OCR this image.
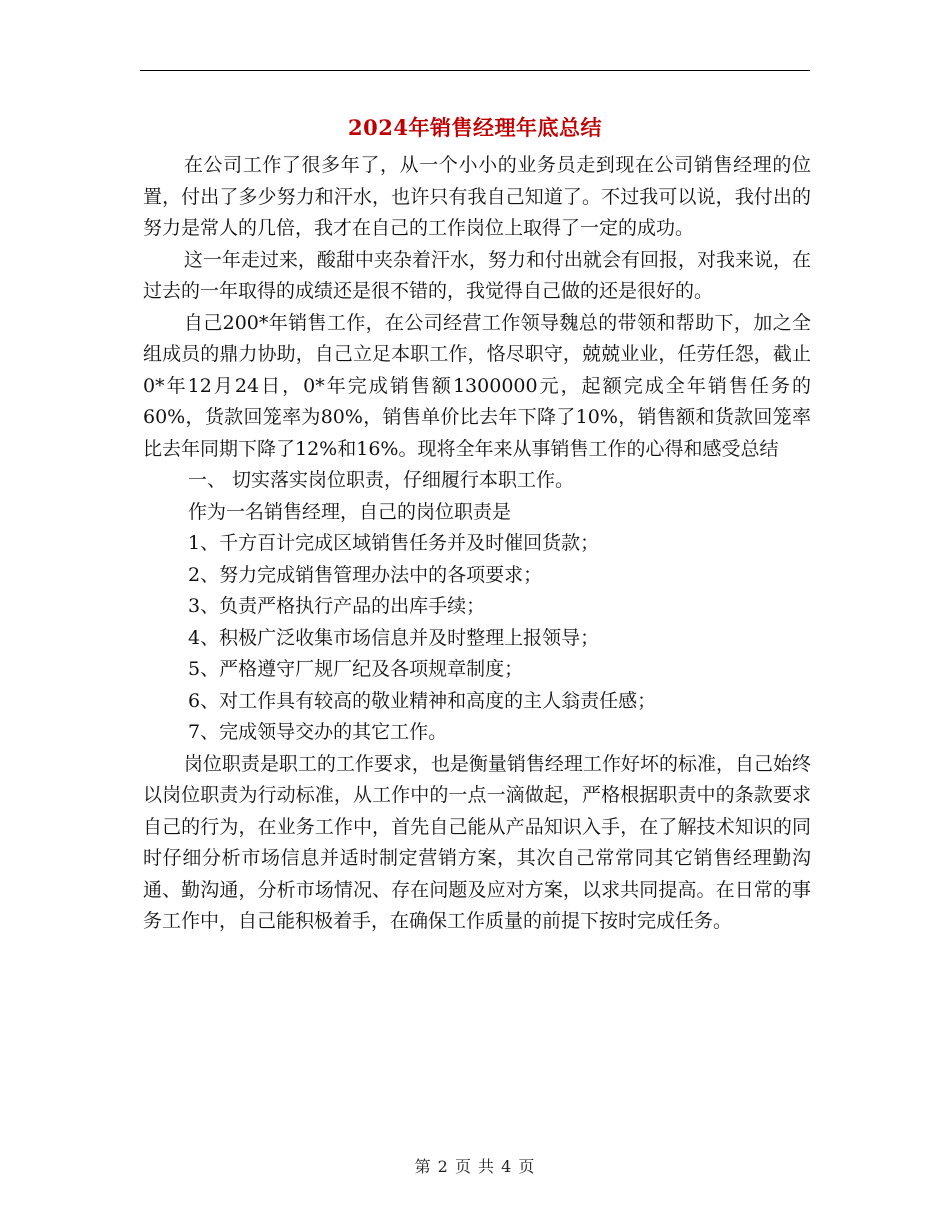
2024年销售经理年底总结

在公司工作了很多年了，从一个小小的业务员走到现在公司销售经理的位置，付出了多少努力和汗水，也许只有我自己知道了。不过我可以说，我付出的努力是常人的几倍，我才在自己的工作岗位上取得了一定的成功。

这一年走过来，酸甜中夹杂着汗水，努力和付出就会有回报，对我来说，在过去的一年取得的成绩还是很不错的，我觉得自己做的还是很好的。

自己200*年销售工作，在公司经营工作领导魏总的带领和帮助下，加之全组成员的鼎力协助，自己立足本职工作，恪尽职守，兢兢业业，任劳任怨，截止0*年12月24日，0*年完成销售额1300000元，起额完成全年销售任务的60%，货款回笼率为80%，销售单价比去年下降了10%，销售额和货款回笼率比去年同期下降了12%和16%。现将全年来从事销售工作的心得和感受总结

一、 切实落实岗位职责，仔细履行本职工作。

作为一名销售经理，自己的岗位职责是

1、千方百计完成区域销售任务并及时催回货款；

2、努力完成销售管理办法中的各项要求；

3、负责严格执行产品的出库手续；

4、积极广泛收集市场信息并及时整理上报领导；

5、严格遵守厂规厂纪及各项规章制度；

6、对工作具有较高的敬业精神和高度的主人翁责任感；

7、完成领导交办的其它工作。

岗位职责是职工的工作要求，也是衡量销售经理工作好坏的标准，自己始终以岗位职责为行动标准，从工作中的一点一滴做起，严格根据职责中的条款要求自己的行为，在业务工作中，首先自己能从产品知识入手，在了解技术知识的同时仔细分析市场信息并适时制定营销方案，其次自己常常同其它销售经理勤沟通、勤沟通，分析市场情况、存在问题及应对方案，以求共同提高。在日常的事务工作中，自己能积极着手，在确保工作质量的前提下按时完成任务。

第 2 页 共 4 页
